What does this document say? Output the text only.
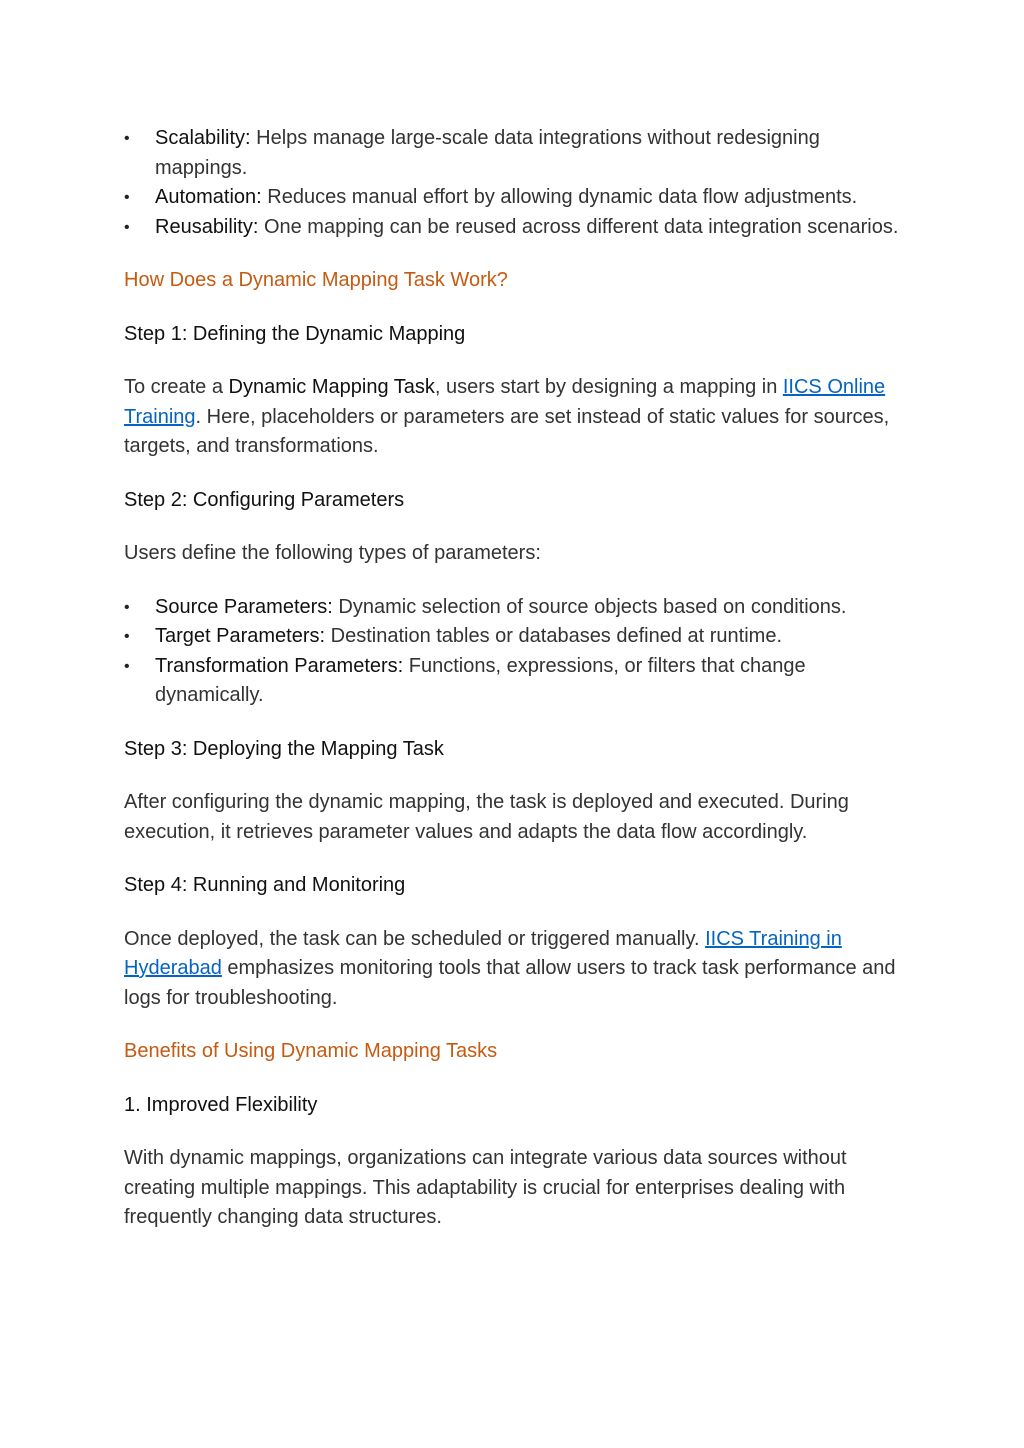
• Scalability: Helps manage large-scale data integrations without redesigning mappings.
• Automation: Reduces manual effort by allowing dynamic data flow adjustments.
• Reusability: One mapping can be reused across different data integration scenarios.

How Does a Dynamic Mapping Task Work?

Step 1: Defining the Dynamic Mapping

To create a Dynamic Mapping Task, users start by designing a mapping in IICS Online Training. Here, placeholders or parameters are set instead of static values for sources, targets, and transformations.

Step 2: Configuring Parameters

Users define the following types of parameters:

• Source Parameters: Dynamic selection of source objects based on conditions.
• Target Parameters: Destination tables or databases defined at runtime.
• Transformation Parameters: Functions, expressions, or filters that change dynamically.

Step 3: Deploying the Mapping Task

After configuring the dynamic mapping, the task is deployed and executed. During execution, it retrieves parameter values and adapts the data flow accordingly.

Step 4: Running and Monitoring

Once deployed, the task can be scheduled or triggered manually. IICS Training in Hyderabad emphasizes monitoring tools that allow users to track task performance and logs for troubleshooting.

Benefits of Using Dynamic Mapping Tasks

1. Improved Flexibility

With dynamic mappings, organizations can integrate various data sources without creating multiple mappings. This adaptability is crucial for enterprises dealing with frequently changing data structures.
